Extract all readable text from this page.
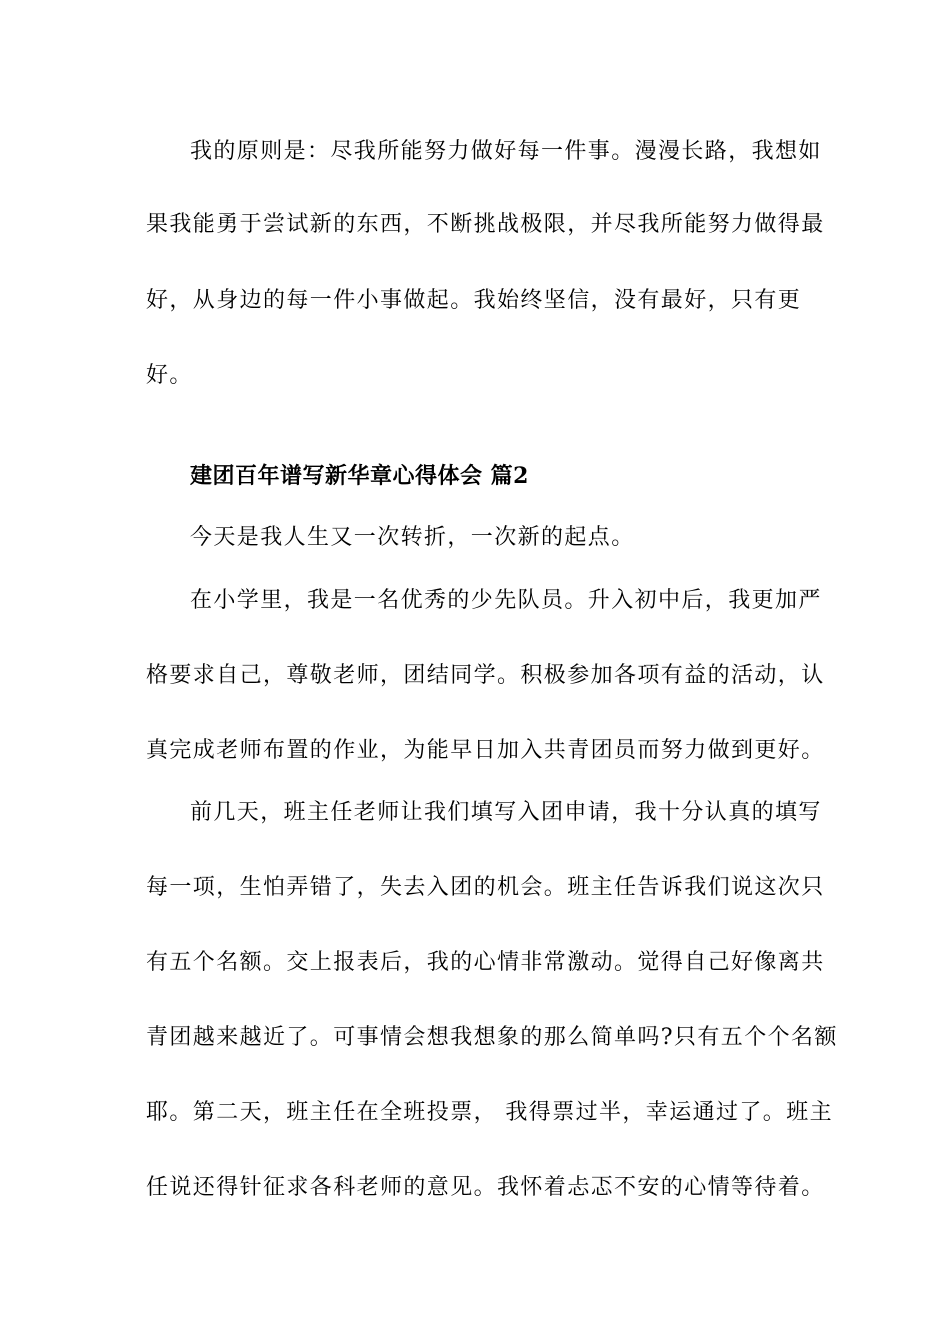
我的原则是：尽我所能努力做好每一件事。漫漫长路，我想如
果我能勇于尝试新的东西，不断挑战极限，并尽我所能努力做得最
好，从身边的每一件小事做起。我始终坚信，没有最好，只有更
好。
建团百年谱写新华章心得体会 篇2
今天是我人生又一次转折，一次新的起点。
在小学里，我是一名优秀的少先队员。升入初中后，我更加严
格要求自己，尊敬老师，团结同学。积极参加各项有益的活动，认
真完成老师布置的作业，为能早日加入共青团员而努力做到更好。
前几天，班主任老师让我们填写入团申请，我十分认真的填写
每一项，生怕弄错了，失去入团的机会。班主任告诉我们说这次只
有五个名额。交上报表后，我的心情非常激动。觉得自己好像离共
青团越来越近了。可事情会想我想象的那么简单吗?只有五个个名额
耶。第二天，班主任在全班投票， 我得票过半，幸运通过了。班主
任说还得针征求各科老师的意见。我怀着忐忑不安的心情等待着。
